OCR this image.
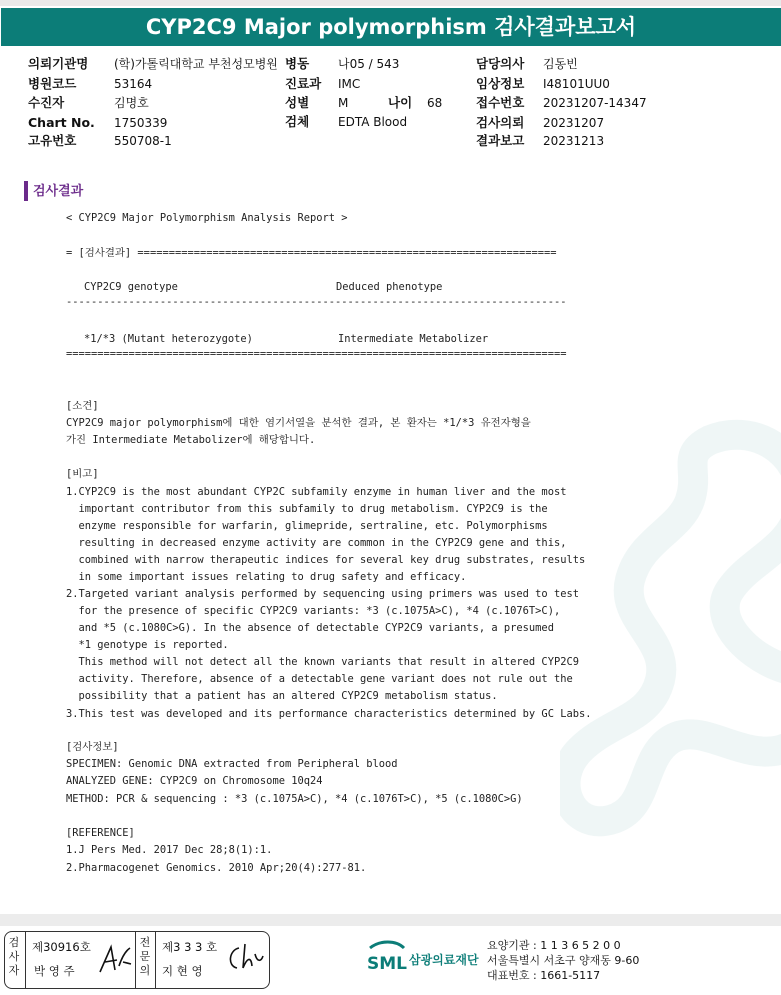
CYP2C9 Major polymorphism 검사결과보고서
의뢰기관명 (학)가톨릭대학교 부천성모병원 병동 나05 / 543	담당의사 김동빈
병원코드	53164	진료과 IMC	임상정보 I48101UU0
수진자	김명호	성별 M	나이 68	접수번호 20231207-14347
Chart No. 1750339	검체 EDTA Blood	검사의뢰 20231207
고유번호	550708-1	결과보고 20231213
검사결과
< CYP2C9 Major Polymorphism Analysis Report >
= [검사결과] ===================================================================
CYP2C9 genotype	Deduced phenotype
--------------------------------------------------------------------------------
*1/*3 (Mutant heterozygote)	Intermediate Metabolizer
================================================================================
[소견]
CYP2C9 major polymorphism에 대한 염기서열을 분석한 결과, 본 환자는 *1/*3 유전자형을
가진 Intermediate Metabolizer에 해당합니다.
[비고]
1.CYP2C9 is the most abundant CYP2C subfamily enzyme in human liver and the most
important contributor from this subfamily to drug metabolism. CYP2C9 is the
enzyme responsible for warfarin, glimepride, sertraline, etc. Polymorphisms
resulting in decreased enzyme activity are common in the CYP2C9 gene and this,
combined with narrow therapeutic indices for several key drug substrates, results
in some important issues relating to drug safety and efficacy.
2.Targeted variant analysis performed by sequencing using primers was used to test
for the presence of specific CYP2C9 variants: *3 (c.1075A>C), *4 (c.1076T>C),
and *5 (c.1080C>G). In the absence of detectable CYP2C9 variants, a presumed
*1 genotype is reported.
This method will not detect all the known variants that result in altered CYP2C9
activity. Therefore, absence of a detectable gene variant does not rule out the
possibility that a patient has an altered CYP2C9 metabolism status.
3.This test was developed and its performance characteristics determined by GC Labs.
[검사정보]
SPECIMEN: Genomic DNA extracted from Peripheral blood
ANALYZED GENE: CYP2C9 on Chromosome 10q24
METHOD: PCR & sequencing : *3 (c.1075A>C), *4 (c.1076T>C), *5 (c.1080C>G)
[REFERENCE]
1.J Pers Med. 2017 Dec 28;8(1):1.
2.Pharmacogenet Genomics. 2010 Apr;20(4):277-81.
검사자
제30916호
박 영 주
전문의
제3 3 3 호
지 현 영	SML 삼광의료재단
요양기관 : 1 1 3 6 5 2 0 0
서울특별시 서초구 양재동 9-60
대표번호 : 1661-5117
